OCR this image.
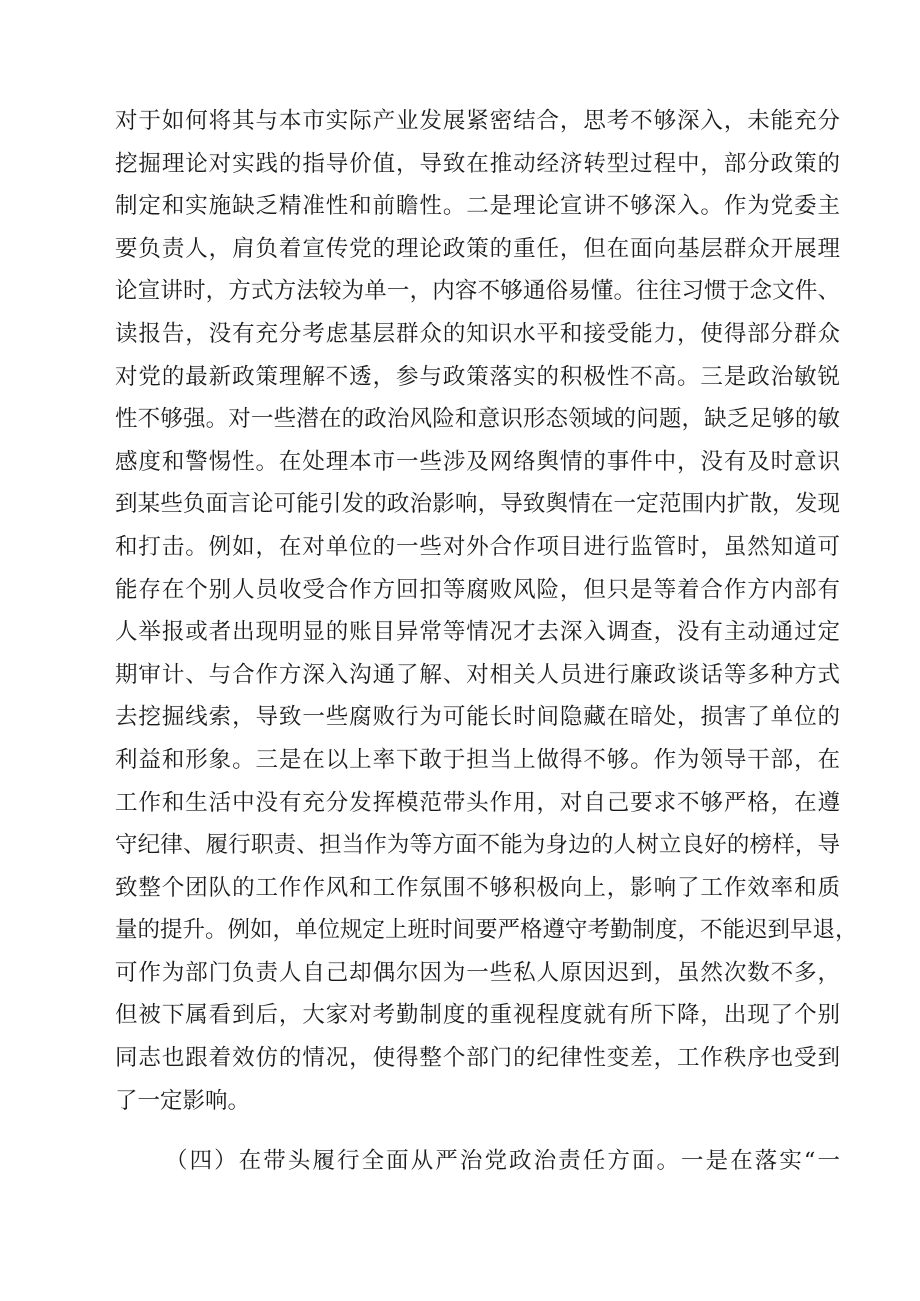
对于如何将其与本市实际产业发展紧密结合，思考不够深入，未能充分
挖掘理论对实践的指导价值，导致在推动经济转型过程中，部分政策的
制定和实施缺乏精准性和前瞻性。二是理论宣讲不够深入。作为党委主
要负责人，肩负着宣传党的理论政策的重任，但在面向基层群众开展理
论宣讲时，方式方法较为单一，内容不够通俗易懂。往往习惯于念文件、
读报告，没有充分考虑基层群众的知识水平和接受能力，使得部分群众
对党的最新政策理解不透，参与政策落实的积极性不高。三是政治敏锐
性不够强。对一些潜在的政治风险和意识形态领域的问题，缺乏足够的敏
感度和警惕性。在处理本市一些涉及网络舆情的事件中，没有及时意识
到某些负面言论可能引发的政治影响，导致舆情在一定范围内扩散，发现
和打击。例如，在对单位的一些对外合作项目进行监管时，虽然知道可
能存在个别人员收受合作方回扣等腐败风险，但只是等着合作方内部有
人举报或者出现明显的账目异常等情况才去深入调查，没有主动通过定
期审计、与合作方深入沟通了解、对相关人员进行廉政谈话等多种方式
去挖掘线索，导致一些腐败行为可能长时间隐藏在暗处，损害了单位的
利益和形象。三是在以上率下敢于担当上做得不够。作为领导干部，在
工作和生活中没有充分发挥模范带头作用，对自己要求不够严格，在遵
守纪律、履行职责、担当作为等方面不能为身边的人树立良好的榜样，导
致整个团队的工作作风和工作氛围不够积极向上，影响了工作效率和质
量的提升。例如，单位规定上班时间要严格遵守考勤制度，不能迟到早退，
可作为部门负责人自己却偶尔因为一些私人原因迟到，虽然次数不多，
但被下属看到后，大家对考勤制度的重视程度就有所下降，出现了个别
同志也跟着效仿的情况，使得整个部门的纪律性变差，工作秩序也受到
了一定影响。
（四）在带头履行全面从严治党政治责任方面。一是在落实“一
